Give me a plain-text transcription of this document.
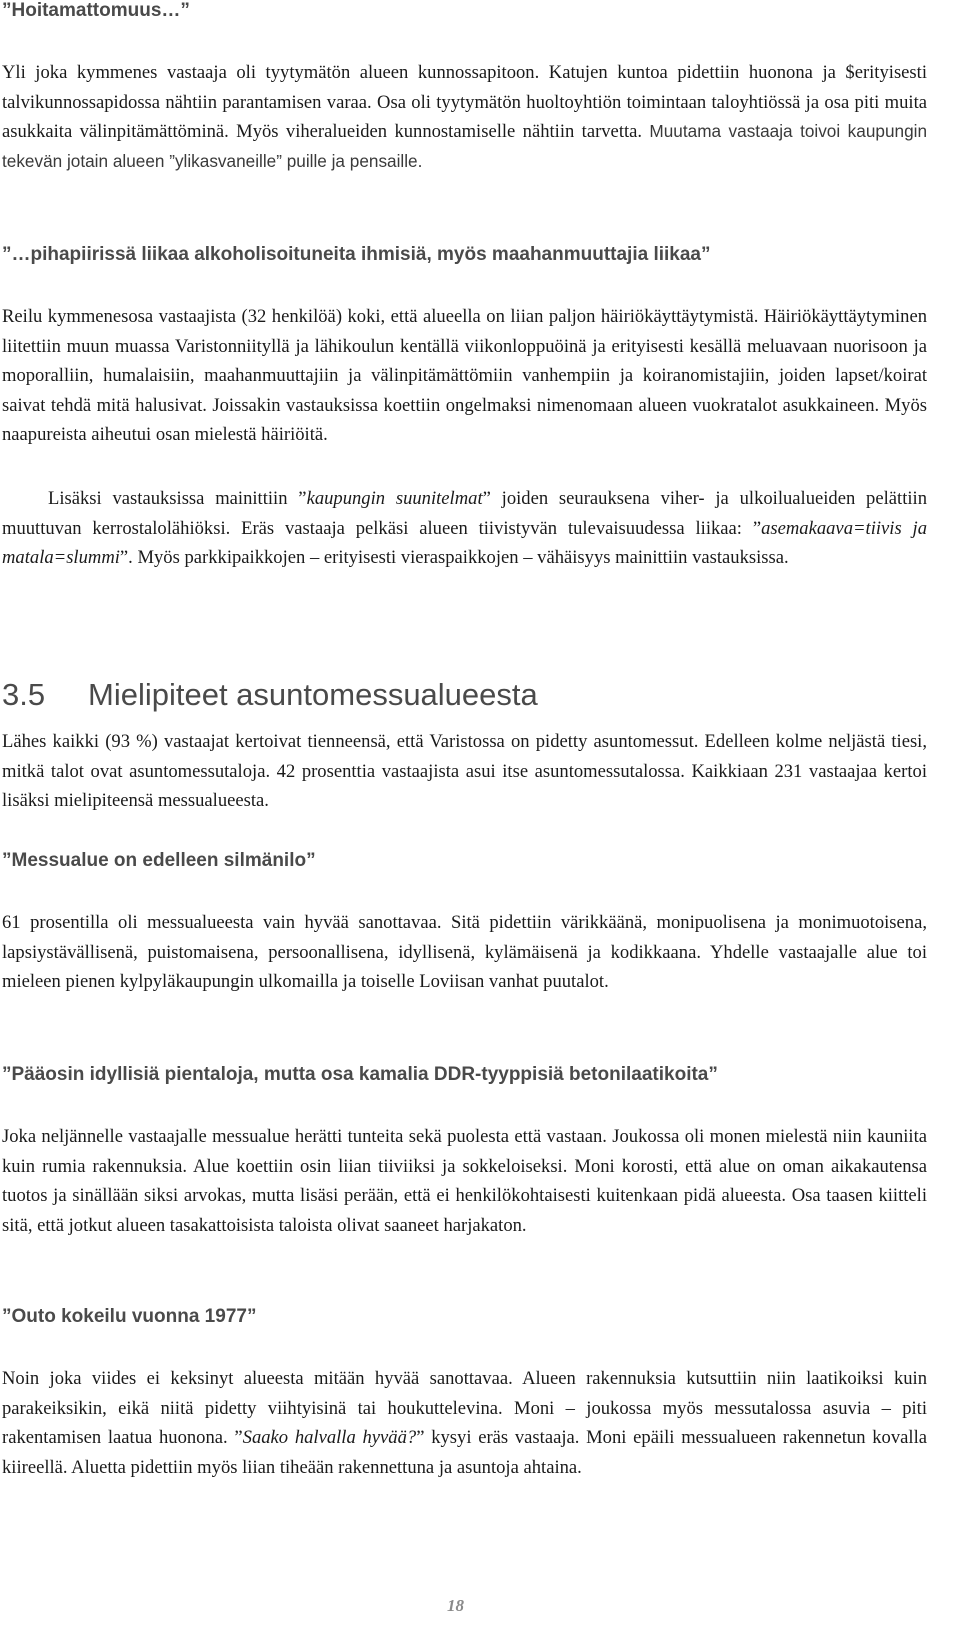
”Hoitamattomuus…”

Yli joka kymmenes vastaaja oli tyytymätön alueen kunnossapitoon. Katujen kuntoa pidettiin huonona ja $erityisesti talvikunnossapidossa nähtiin parantamisen varaa. Osa oli tyytymätön huoltoyhtiön toimintaan taloyhtiössä ja osa piti muita asukkaita välinpitämättöminä. Myös viheralueiden kunnostamiselle nähtiin tarvetta. Muutama vastaaja toivoi kaupungin tekevän jotain alueen ”ylikasvaneille” puille ja pensaille.

”…pihapiirissä liikaa alkoholisoituneita ihmisiä, myös maahanmuuttajia liikaa”

Reilu kymmenesosa vastaajista (32 henkilöä) koki, että alueella on liian paljon häiriökäyttäytymistä. Häiriökäyttäytyminen liitettiin muun muassa Varistonniityllä ja lähikoulun kentällä viikonloppuöinä ja erityisesti kesällä meluavaan nuorisoon ja moporalliin, humalaisiin, maahanmuuttajiin ja välinpitämättömiin vanhempiin ja koiranomistajiin, joiden lapset/koirat saivat tehdä mitä halusivat. Joissakin vastauksissa koettiin ongelmaksi nimenomaan alueen vuokratalot asukkaineen. Myös naapureista aiheutui osan mielestä häiriöitä.

Lisäksi vastauksissa mainittiin ”kaupungin suunitelmat” joiden seurauksena viher- ja ulkoilualueiden pelättiin muuttuvan kerrostalolähiöksi. Eräs vastaaja pelkäsi alueen tiivistyvän tulevaisuudessa liikaa: ”asemakaava=tiivis ja matala=slummi”. Myös parkkipaikkojen – erityisesti vieraspaikkojen – vähäisyys mainittiin vastauksissa.

3.5 Mielipiteet asuntomessualueesta

Lähes kaikki (93 %) vastaajat kertoivat tienneensä, että Varistossa on pidetty asuntomessut. Edelleen kolme neljästä tiesi, mitkä talot ovat asuntomessutaloja. 42 prosenttia vastaajista asui itse asuntomessutalossa. Kaikkiaan 231 vastaajaa kertoi lisäksi mielipiteensä messualueesta.

”Messualue on edelleen silmänilo”

61 prosentilla oli messualueesta vain hyvää sanottavaa. Sitä pidettiin värikkäänä, monipuolisena ja monimuotoisena, lapsiystävällisenä, puistomaisena, persoonallisena, idyllisenä, kylämäisenä ja kodikkaana. Yhdelle vastaajalle alue toi mieleen pienen kylpyläkaupungin ulkomailla ja toiselle Loviisan vanhat puutalot.

”Pääosin idyllisiä pientaloja, mutta osa kamalia DDR-tyyppisiä betonilaatikoita”

Joka neljännelle vastaajalle messualue herätti tunteita sekä puolesta että vastaan. Joukossa oli monen mielestä niin kauniita kuin rumia rakennuksia. Alue koettiin osin liian tiiviiksi ja sokkeloiseksi. Moni korosti, että alue on oman aikakautensa tuotos ja sinällään siksi arvokas, mutta lisäsi perään, että ei henkilökohtaisesti kuitenkaan pidä alueesta. Osa taasen kiitteli sitä, että jotkut alueen tasakattoisista taloista olivat saaneet harjakaton.

”Outo kokeilu vuonna 1977”

Noin joka viides ei keksinyt alueesta mitään hyvää sanottavaa. Alueen rakennuksia kutsuttiin niin laatikoiksi kuin parakeiksikin, eikä niitä pidetty viihtyisinä tai houkuttelevina. Moni – joukossa myös messutalossa asuvia – piti rakentamisen laatua huonona. ”Saako halvalla hyvää?” kysyi eräs vastaaja. Moni epäili messualueen rakennetun kovalla kiireellä. Aluetta pidettiin myös liian tiheään rakennettuna ja asuntoja ahtaina.

18
